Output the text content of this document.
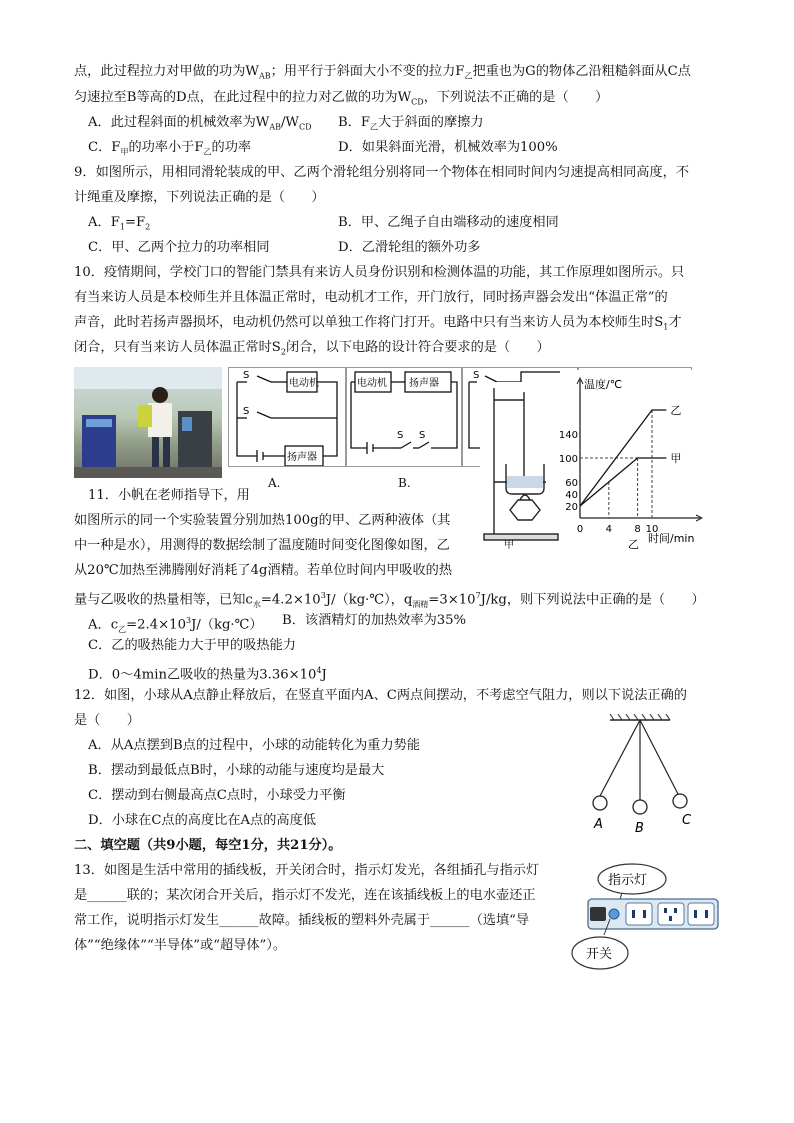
点，此过程拉力对甲做的功为$W_{AB}$；用平行于斜面大小不变的拉力$F_乙$把重也为G的物体乙沿粗糙斜面从C点
匀速拉至B等高的D点，在此过程中的拉力对乙做的功为$W_{CD}$，下列说法不正确的是（　　）
A．此过程斜面的机械效率为$W_{AB}/W_{CD}$ B．$F_乙$大于斜面的摩擦力
C．$F_甲$的功率小于$F_乙$的功率	D．如果斜面光滑，机械效率为100%
9．如图所示，用相同滑轮装成的甲、乙两个滑轮组分别将同一个物体在相同时间内匀速提高相同高度，不
计绳重及摩擦，下列说法正确的是（　　）
A．$F_1=F_2$	B．甲、乙绳子自由端移动的速度相同
C．甲、乙两个拉力的功率相同	D．乙滑轮组的额外功多
10．疫情期间，学校门口的智能门禁具有来访人员身份识别和检测体温的功能，其工作原理如图所示。只
有当来访人员是本校师生并且体温正常时，电动机才工作，开门放行，同时扬声器会发出“体温正常”的
声音，此时若扬声器损坏，电动机仍然可以单独工作将门打开。电路中只有当来访人员为本校师生时$S_1$才
闭合，只有当来访人员体温正常时$S_2$闭合，以下电路的设计符合要求的是（　　）
S
S
电动机
扬声器
A.
电动机 扬声器
S S
B.
S
甲
温度/℃
时间/min
20
40
60
100
140
0 4 8 10
甲
乙
乙
11．小帆在老师指导下，用
如图所示的同一个实验装置分别加热100g的甲、乙两种液体（其
中一种是水），用测得的数据绘制了温度随时间变化图像如图，乙
从20℃加热至沸腾刚好消耗了4g酒精。若单位时间内甲吸收的热
量与乙吸收的热量相等，已知$c_水=4.2\times 10^3J/(kg\cdot℃)$，$q_{酒精}=3\times 10^7J/kg$，则下列说法中正确的是（　　）
A．$c_乙=2.4\times 10^3J/(kg\cdot℃)$ B．该酒精灯的加热效率为35%
C．乙的吸热能力大于甲的吸热能力
D．0～4min乙吸收的热量为$3.36\times 10^4J$
12．如图，小球从A点静止释放后，在竖直平面内A、C两点间摆动，不考虑空气阻力，则以下说法正确的
是（　　）
A．从A点摆到B点的过程中，小球的动能转化为重力势能
B．摆动到最低点B时，小球的动能与速度均是最大
C．摆动到右侧最高点C点时，小球受力平衡
D．小球在C点的高度比在A点的高度低	A B
C
二、填空题（共9小题，每空1分，共21分）。
13．如图是生活中常用的插线板，开关闭合时，指示灯发光，各组插孔与指示灯
是______联的；某次闭合开关后，指示灯不发光，连在该插线板上的电水壶还正
常工作，说明指示灯发生______故障。插线板的塑料外壳属于______（选填“导
体”“绝缘体”“半导体”或“超导体”）。
指示灯
开关
